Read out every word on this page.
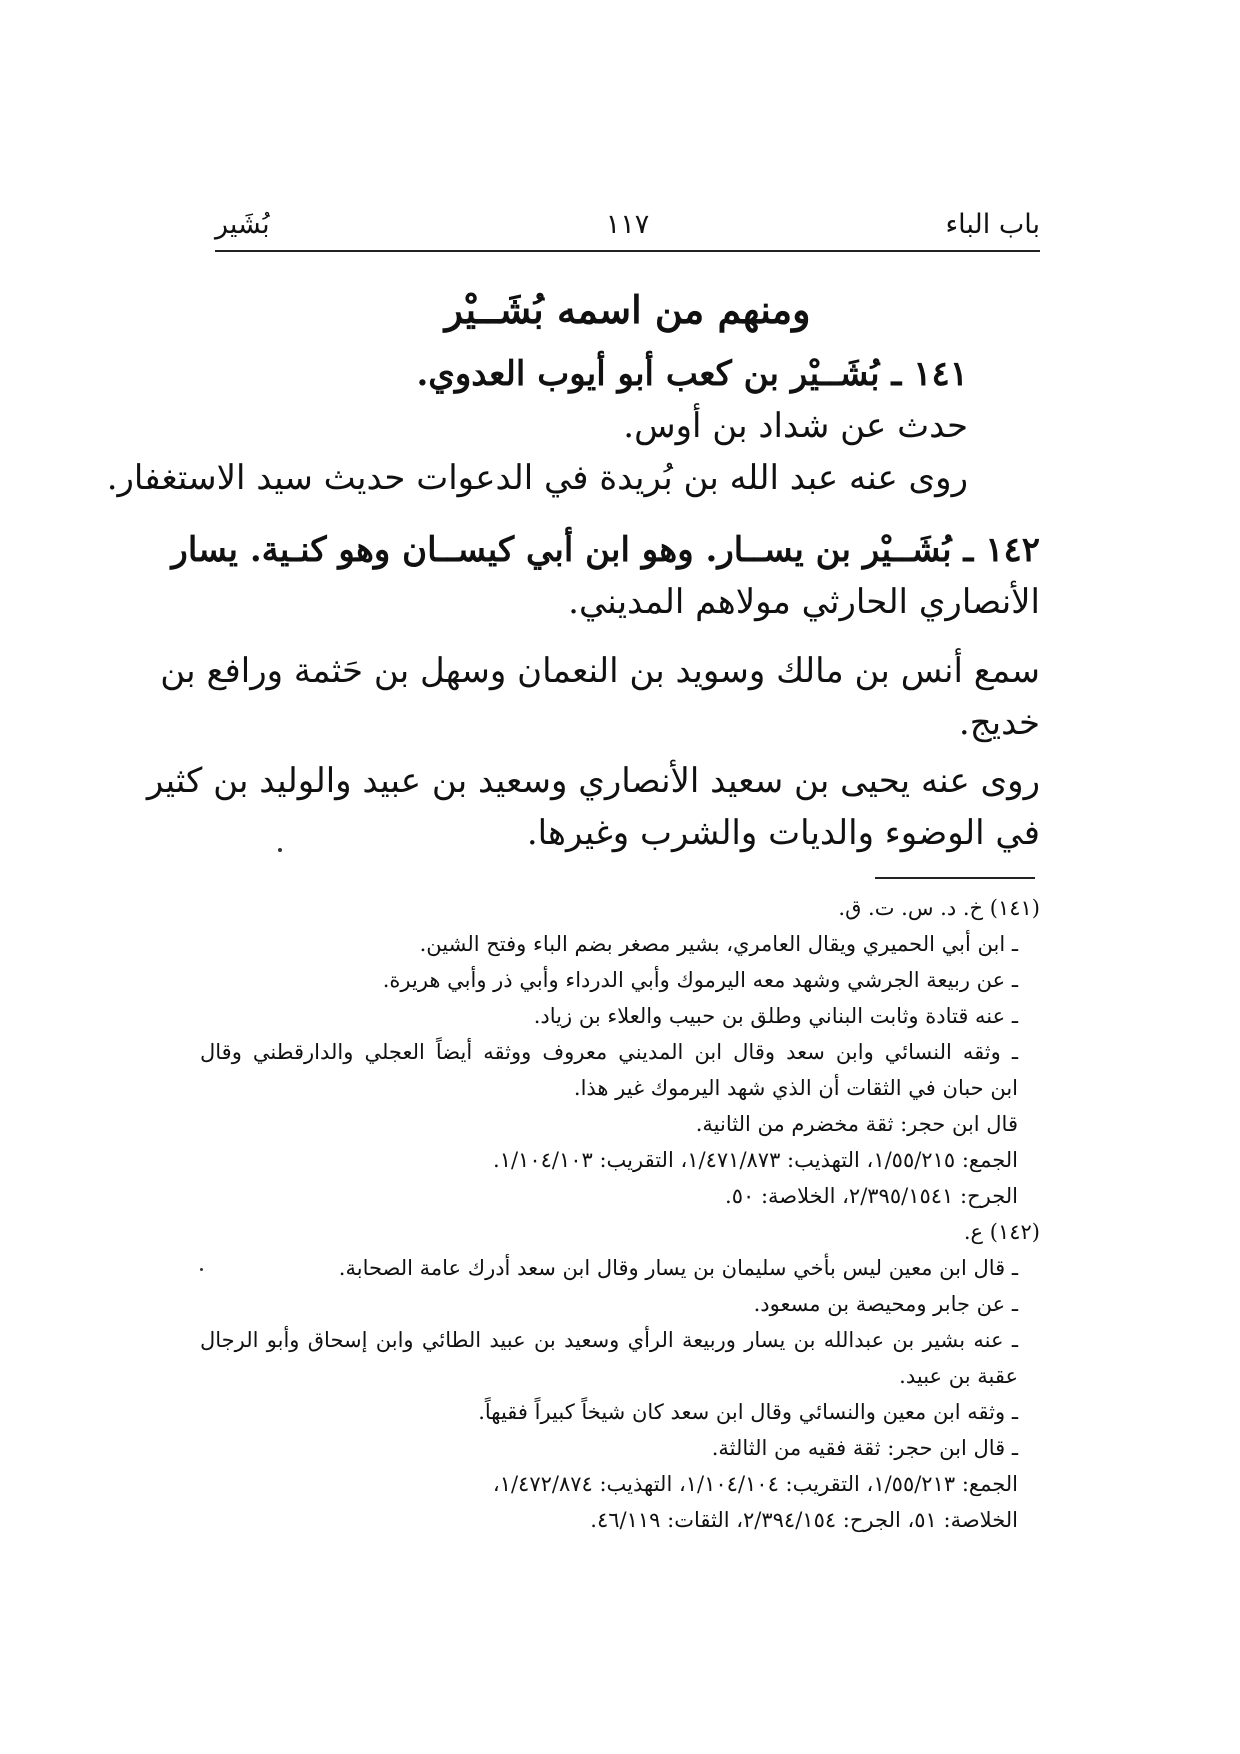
باب الباء
١١٧
بُشَير
ومنهم من اسمه بُشَــيْر
١٤١ ـ بُشَــيْر بن كعب أبو أيوب العدوي.
حدث عن شداد بن أوس.
روى عنه عبد الله بن بُريدة في الدعوات حديث سيد الاستغفار.
١٤٢ ـ بُشَــيْر بن يســار. وهو ابن أبي كيســان وهو كنـية. يسار
الأنصاري الحارثي مولاهم المديني.
سمع أنس بن مالك وسويد بن النعمان وسهل بن حَثمة ورافع بن
خديج.
روى عنه يحيى بن سعيد الأنصاري وسعيد بن عبيد والوليد بن كثير
في الوضوء والديات والشرب وغيرها.
(١٤١) خ. د. س. ت. ق.
ـ ابن أبي الحميري ويقال العامري، بشير مصغر بضم الباء وفتح الشين.
ـ عن ربيعة الجرشي وشهد معه اليرموك وأبي الدرداء وأبي ذر وأبي هريرة.
ـ عنه قتادة وثابت البناني وطلق بن حبيب والعلاء بن زياد.
ـ وثقه النسائي وابن سعد وقال ابن المديني معروف ووثقه أيضاً العجلي والدارقطني وقال
ابن حبان في الثقات أن الذي شهد اليرموك غير هذا.
قال ابن حجر: ثقة مخضرم من الثانية.
الجمع: ١/٥٥/٢١٥، التهذيب: ١/٤٧١/٨٧٣، التقريب: ١/١٠٤/١٠٣.
الجرح: ٢/٣٩٥/١٥٤١، الخلاصة: ٥٠.
(١٤٢) ع.
ـ قال ابن معين ليس بأخي سليمان بن يسار وقال ابن سعد أدرك عامة الصحابة.
ـ عن جابر ومحيصة بن مسعود.
ـ عنه بشير بن عبدالله بن يسار وربيعة الرأي وسعيد بن عبيد الطائي وابن إسحاق وأبو الرجال
عقبة بن عبيد.
ـ وثقه ابن معين والنسائي وقال ابن سعد كان شيخاً كبيراً فقيهاً.
ـ قال ابن حجر: ثقة فقيه من الثالثة.
الجمع: ١/٥٥/٢١٣، التقريب: ١/١٠٤/١٠٤، التهذيب: ١/٤٧٢/٨٧٤،
الخلاصة: ٥١، الجرح: ٢/٣٩٤/١٥٤، الثقات: ٤٦/١١٩.
